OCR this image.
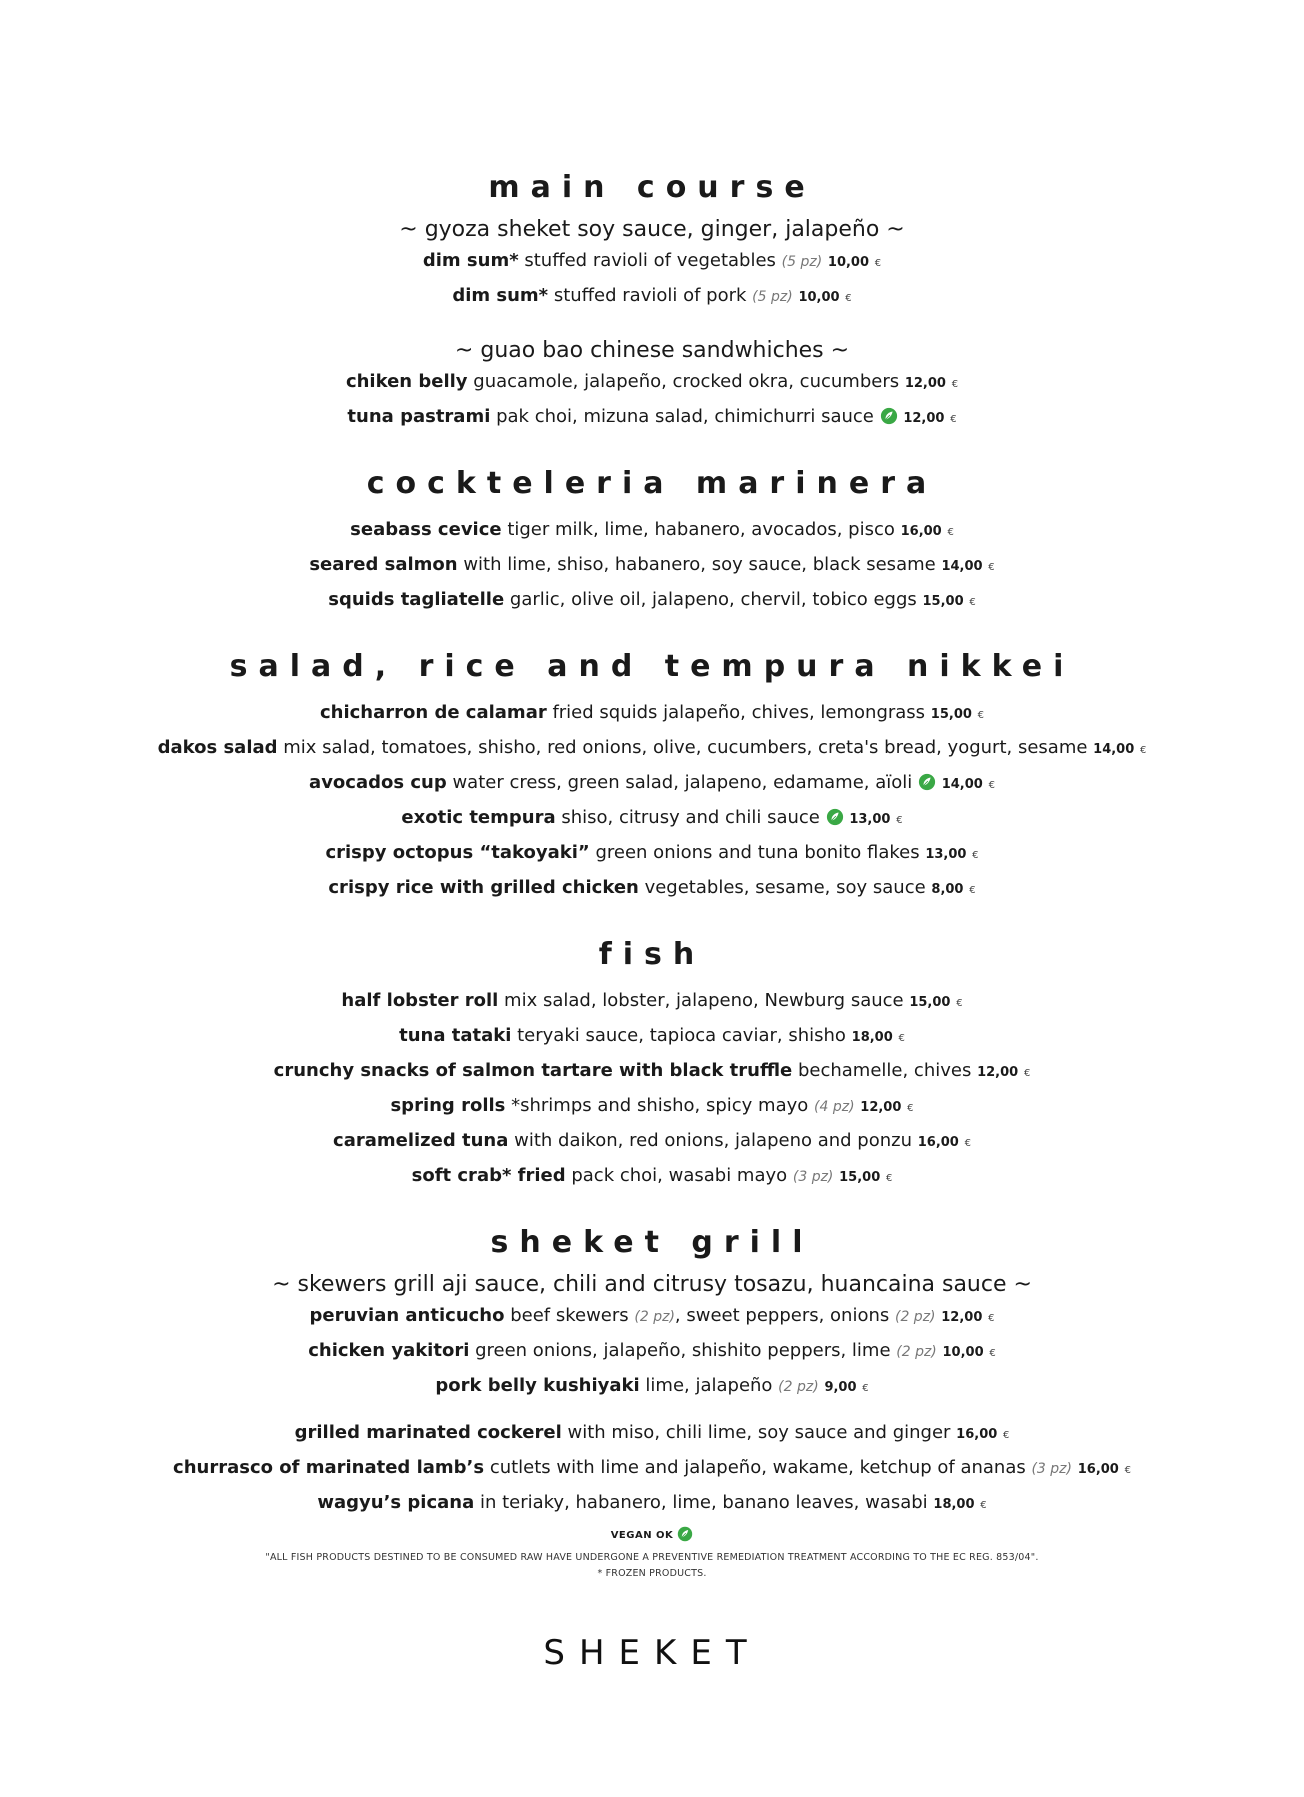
main course
~ gyoza sheket soy sauce, ginger, jalapeño ~
dim sum* stuffed ravioli of vegetables (5 pz) 10,00 €
dim sum* stuffed ravioli of pork (5 pz) 10,00 €
~ guao bao chinese sandwhiches ~
chiken belly guacamole, jalapeño, crocked okra, cucumbers 12,00 €
tuna pastrami pak choi, mizuna salad, chimichurri sauce  12,00 €
cockteleria marinera
seabass cevice tiger milk, lime, habanero, avocados, pisco 16,00 €
seared salmon with lime, shiso, habanero, soy sauce, black sesame 14,00 €
squids tagliatelle garlic, olive oil, jalapeno, chervil, tobico eggs 15,00 €
salad, rice and tempura nikkei
chicharron de calamar fried squids jalapeño, chives, lemongrass 15,00 €
dakos salad mix salad, tomatoes, shisho, red onions, olive, cucumbers, creta's bread, yogurt, sesame 14,00 €
avocados cup water cress, green salad, jalapeno, edamame, aïoli  14,00 €
exotic tempura shiso, citrusy and chili sauce  13,00 €
crispy octopus “takoyaki” green onions and tuna bonito flakes 13,00 €
crispy rice with grilled chicken vegetables, sesame, soy sauce 8,00 €
fish
half lobster roll mix salad, lobster, jalapeno, Newburg sauce 15,00 €
tuna tataki teryaki sauce, tapioca caviar, shisho 18,00 €
crunchy snacks of salmon tartare with black truffle bechamelle, chives 12,00 €
spring rolls *shrimps and shisho, spicy mayo (4 pz) 12,00 €
caramelized tuna with daikon, red onions, jalapeno and ponzu 16,00 €
soft crab* fried pack choi, wasabi mayo (3 pz) 15,00 €
sheket grill
~ skewers grill aji sauce, chili and citrusy tosazu, huancaina sauce ~
peruvian anticucho beef skewers (2 pz), sweet peppers, onions (2 pz) 12,00 €
chicken yakitori green onions, jalapeño, shishito peppers, lime (2 pz) 10,00 €
pork belly kushiyaki lime, jalapeño (2 pz) 9,00 €
grilled marinated cockerel with miso, chili lime, soy sauce and ginger 16,00 €
churrasco of marinated lamb’s cutlets with lime and jalapeño, wakame, ketchup of ananas (3 pz) 16,00 €
wagyu’s picana in teriaky, habanero, lime, banano leaves, wasabi 18,00 €
VEGAN OK
"ALL FISH PRODUCTS DESTINED TO BE CONSUMED RAW HAVE UNDERGONE A PREVENTIVE REMEDIATION TREATMENT ACCORDING TO THE EC REG. 853/04".
* FROZEN PRODUCTS.
SHEKET
